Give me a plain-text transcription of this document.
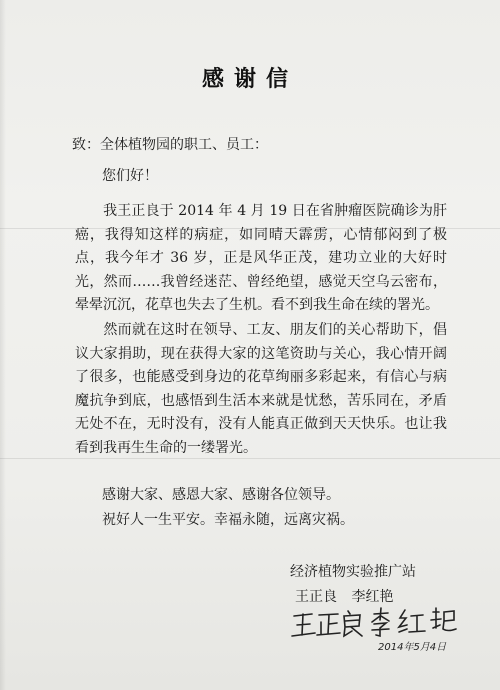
感谢信
致：全体植物园的职工、员工：
您们好！
我王正良于 2014 年 4 月 19 日在省肿瘤医院确诊为肝癌，我得知这样的病症，如同晴天霹雳，心情郁闷到了极点，我今年才 36 岁，正是风华正茂，建功立业的大好时光，然而……我曾经迷茫、曾经绝望，感觉天空乌云密布，晕晕沉沉，花草也失去了生机。看不到我生命在续的署光。
然而就在这时在领导、工友、朋友们的关心帮助下，倡议大家捐助，现在获得大家的这笔资助与关心，我心情开阔了很多，也能感受到身边的花草绚丽多彩起来，有信心与病魔抗争到底，也感悟到生活本来就是忧愁，苦乐同在，矛盾无处不在，无时没有，没有人能真正做到天天快乐。也让我看到我再生生命的一缕署光。
感谢大家、感恩大家、感谢各位领导。
祝好人一生平安。幸福永随，远离灾祸。
经济植物实验推广站
王正良 李红艳
2014年5月4日
